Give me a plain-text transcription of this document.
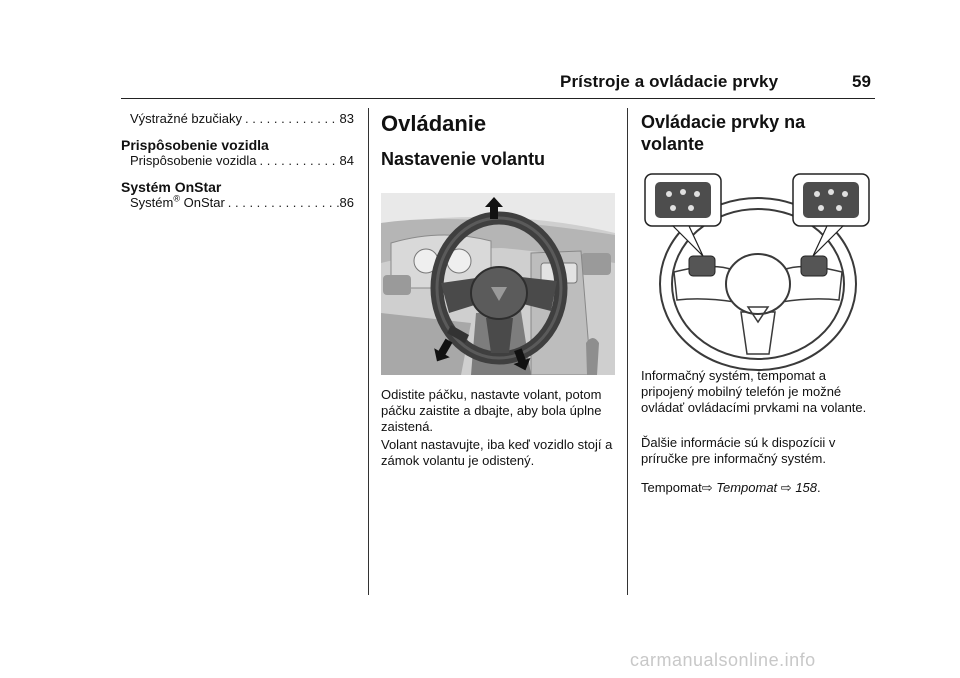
Prístroje a ovládacie prvky	59
Výstražné bzučiaky . . .	83
Prispôsobenie vozidla
Prispôsobenie vozidla . . .	84
Systém OnStar
Systém® OnStar . . .	86
Ovládanie
Nastavenie volantu
Odistite páčku, nastavte volant, potom páčku zaistite a dbajte, aby bola úplne zaistená.
Volant nastavujte, iba keď vozidlo stojí a zámok volantu je odistený.
Ovládacie prvky na
volante
Informačný systém, tempomat a pripojený mobilný telefón je možné ovládať ovládacími prvkami na volante.
Ďalšie informácie sú k dispozícii v príručke pre informačný systém.
Tempomat⇨ Tempomat ⇨ 158.
carmanualsonline.info
